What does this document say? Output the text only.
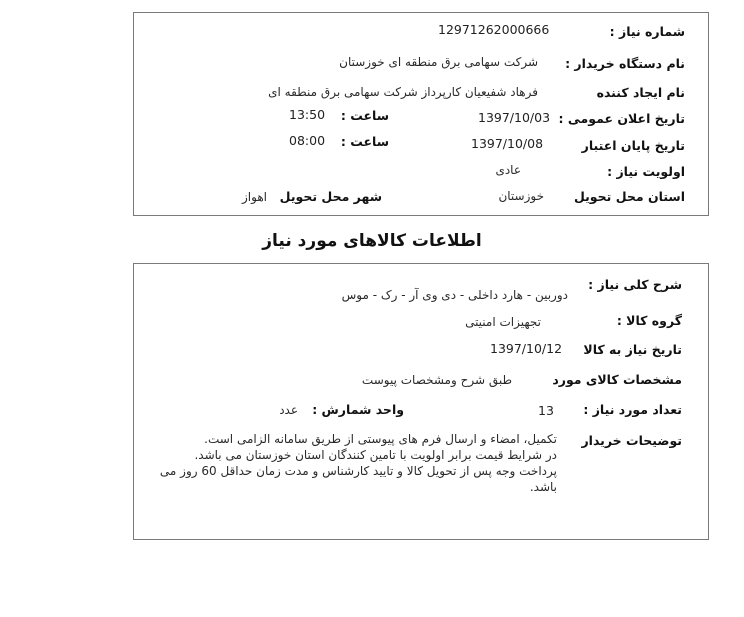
شماره نیاز :
12971262000666
نام دستگاه خریدار :
شرکت سهامی برق منطقه ای خوزستان
نام ایجاد کننده
فرهاد شفیعیان کارپرداز شرکت سهامی برق منطقه ای
تاریخ اعلان عمومی :
1397/10/03
ساعت :
13:50
تاریخ پایان اعتبار
1397/10/08
ساعت :
08:00
اولویت نیاز :
عادی
استان محل تحویل
خوزستان
شهر محل تحویل
اهواز
اطلاعات کالاهای مورد نیاز
شرح کلی نیاز :
دوربین - هارد داخلی - دی وی آر - رک - موس
گروه کالا :
تجهیزات امنیتی
تاریخ نیاز به کالا
1397/10/12
مشخصات کالای مورد
طبق شرح ومشخصات پیوست
تعداد مورد نیاز :
13
واحد شمارش :
عدد
توضیحات خریدار
تکمیل، امضاء و ارسال فرم های پیوستی از طریق سامانه الزامی است.
در شرایط قیمت برابر اولویت با تامین کنندگان استان خوزستان می باشد.
پرداخت وجه پس از تحویل کالا و تایید کارشناس و مدت زمان حداقل 60 روز می
باشد.
